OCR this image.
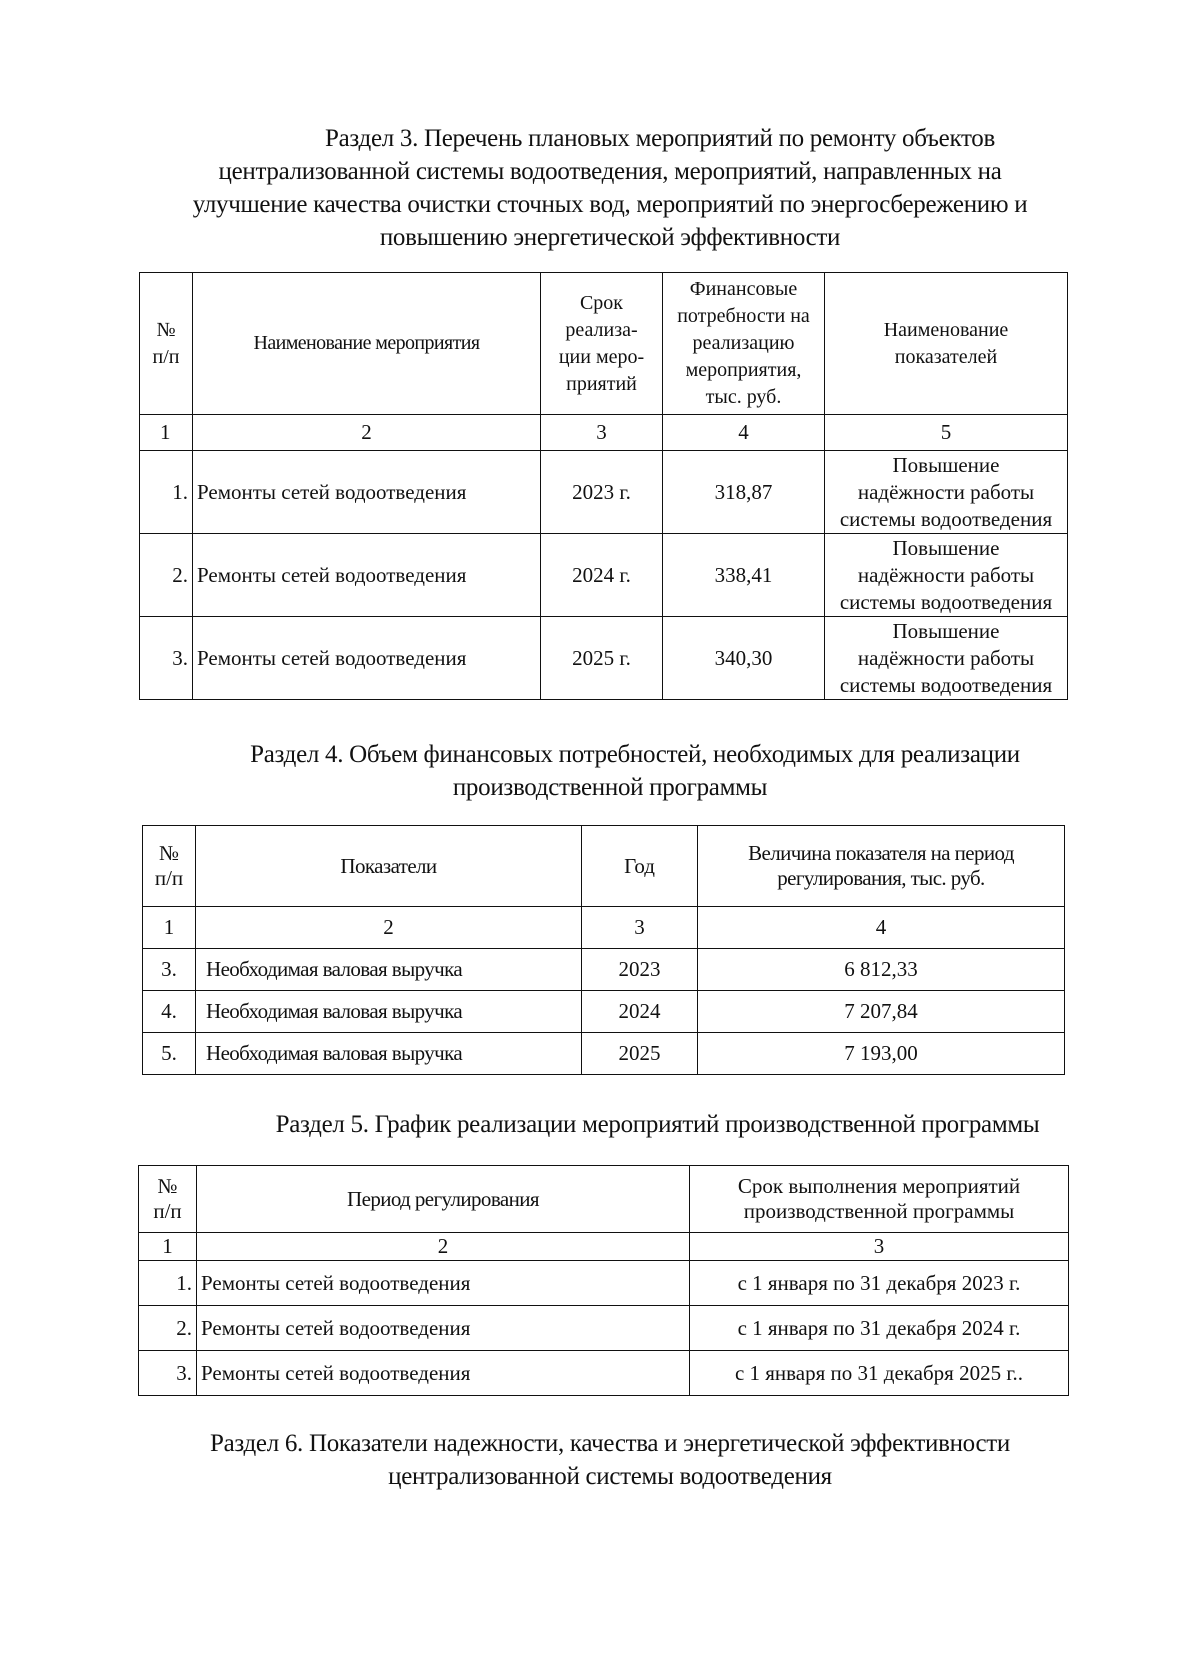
Раздел 3. Перечень плановых мероприятий по ремонту объектов
централизованной системы водоотведения, мероприятий, направленных на
улучшение качества очистки сточных вод, мероприятий по энергосбережению и
повышению энергетической эффективности
№
п/п	Наименование мероприятия	Срок
реализа-
ции меро-
приятий	Финансовые
потребности на
реализацию
мероприятия,
тыс. руб.	Наименование
показателей

1	2	3	4	5
1.	Ремонты сетей водоотведения	2023 г.	318,87	Повышение
надёжности работы
системы водоотведения

2.	Ремонты сетей водоотведения	2024 г.	338,41	Повышение
надёжности работы
системы водоотведения

3.	Ремонты сетей водоотведения	2025 г.	340,30	Повышение
надёжности работы
системы водоотведения
Раздел 4. Объем финансовых потребностей, необходимых для реализации
производственной программы
№
п/п	Показатели	Год	Величина показателя на период
регулирования, тыс. руб.

1	2	3	4
3.	Необходимая валовая выручка	2023	6 812,33
4.	Необходимая валовая выручка	2024	7 207,84
5.	Необходимая валовая выручка	2025	7 193,00
Раздел 5. График реализации мероприятий производственной программы
№
п/п	Период регулирования	Срок выполнения мероприятий
производственной программы

1	2	3
1.	Ремонты сетей водоотведения	с 1 января по 31 декабря 2023 г.
2.	Ремонты сетей водоотведения	с 1 января по 31 декабря 2024 г.
3.	Ремонты сетей водоотведения	с 1 января по 31 декабря 2025 г..
Раздел 6. Показатели надежности, качества и энергетической эффективности
централизованной системы водоотведения
